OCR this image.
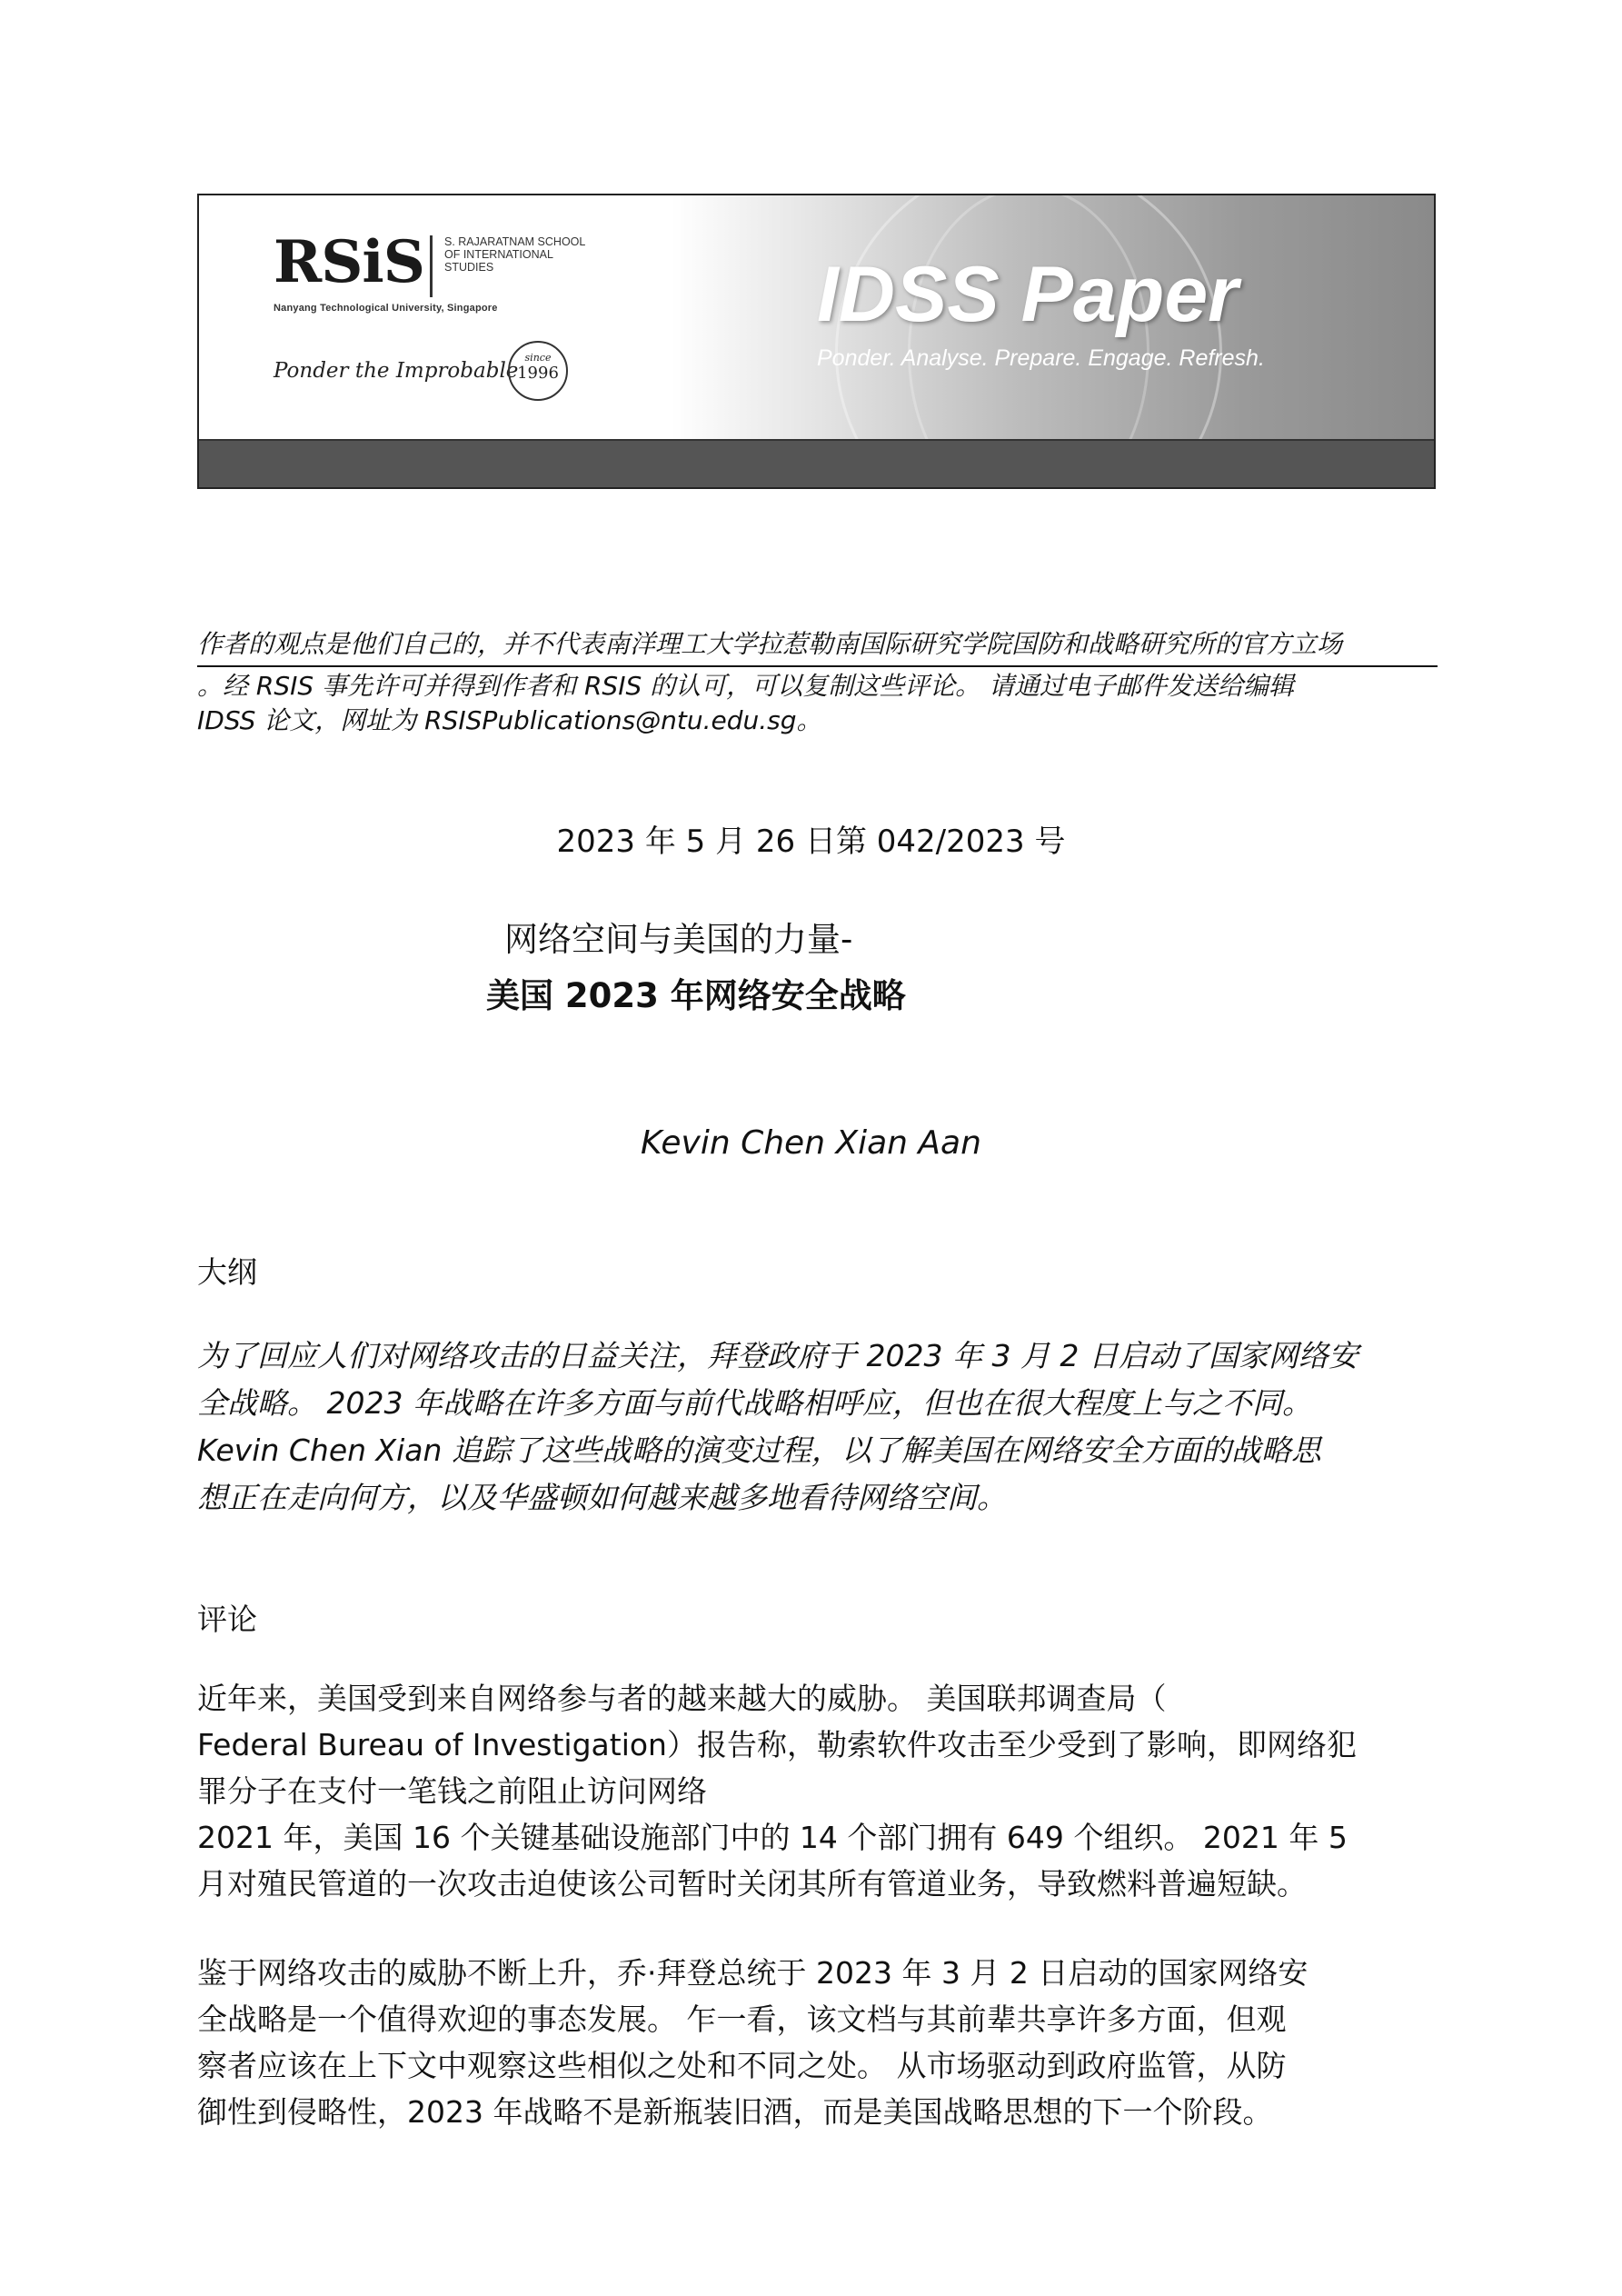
RSiS S. RAJARATNAM SCHOOL OF INTERNATIONAL STUDIES
Nanyang Technological University, Singapore
Ponder the Improbable
since
1996
IDSS Paper
Ponder. Analyse. Prepare. Engage. Refresh.
作者的观点是他们自己的，并不代表南洋理工大学拉惹勒南国际研究学院国防和战略研究所的官方立场
。经 RSIS 事先许可并得到作者和 RSIS 的认可，可以复制这些评论。 请通过电子邮件发送给编辑
IDSS 论文，网址为 RSISPublications@ntu.edu.sg。
2023 年 5 月 26 日第 042/2023 号
网络空间与美国的力量-
美国 2023 年网络安全战略
Kevin Chen Xian Aan
大纲
为了回应人们对网络攻击的日益关注，拜登政府于 2023 年 3 月 2 日启动了国家网络安
全战略。 2023 年战略在许多方面与前代战略相呼应，但也在很大程度上与之不同。
Kevin Chen Xian 追踪了这些战略的演变过程，以了解美国在网络安全方面的战略思
想正在走向何方，以及华盛顿如何越来越多地看待网络空间。
评论
近年来，美国受到来自网络参与者的越来越大的威胁。 美国联邦调查局（
Federal Bureau of Investigation）报告称，勒索软件攻击至少受到了影响，即网络犯
罪分子在支付一笔钱之前阻止访问网络
2021 年，美国 16 个关键基础设施部门中的 14 个部门拥有 649 个组织。 2021 年 5
月对殖民管道的一次攻击迫使该公司暂时关闭其所有管道业务，导致燃料普遍短缺。
鉴于网络攻击的威胁不断上升，乔·拜登总统于 2023 年 3 月 2 日启动的国家网络安
全战略是一个值得欢迎的事态发展。 乍一看，该文档与其前辈共享许多方面，但观
察者应该在上下文中观察这些相似之处和不同之处。 从市场驱动到政府监管，从防
御性到侵略性，2023 年战略不是新瓶装旧酒，而是美国战略思想的下一个阶段。
